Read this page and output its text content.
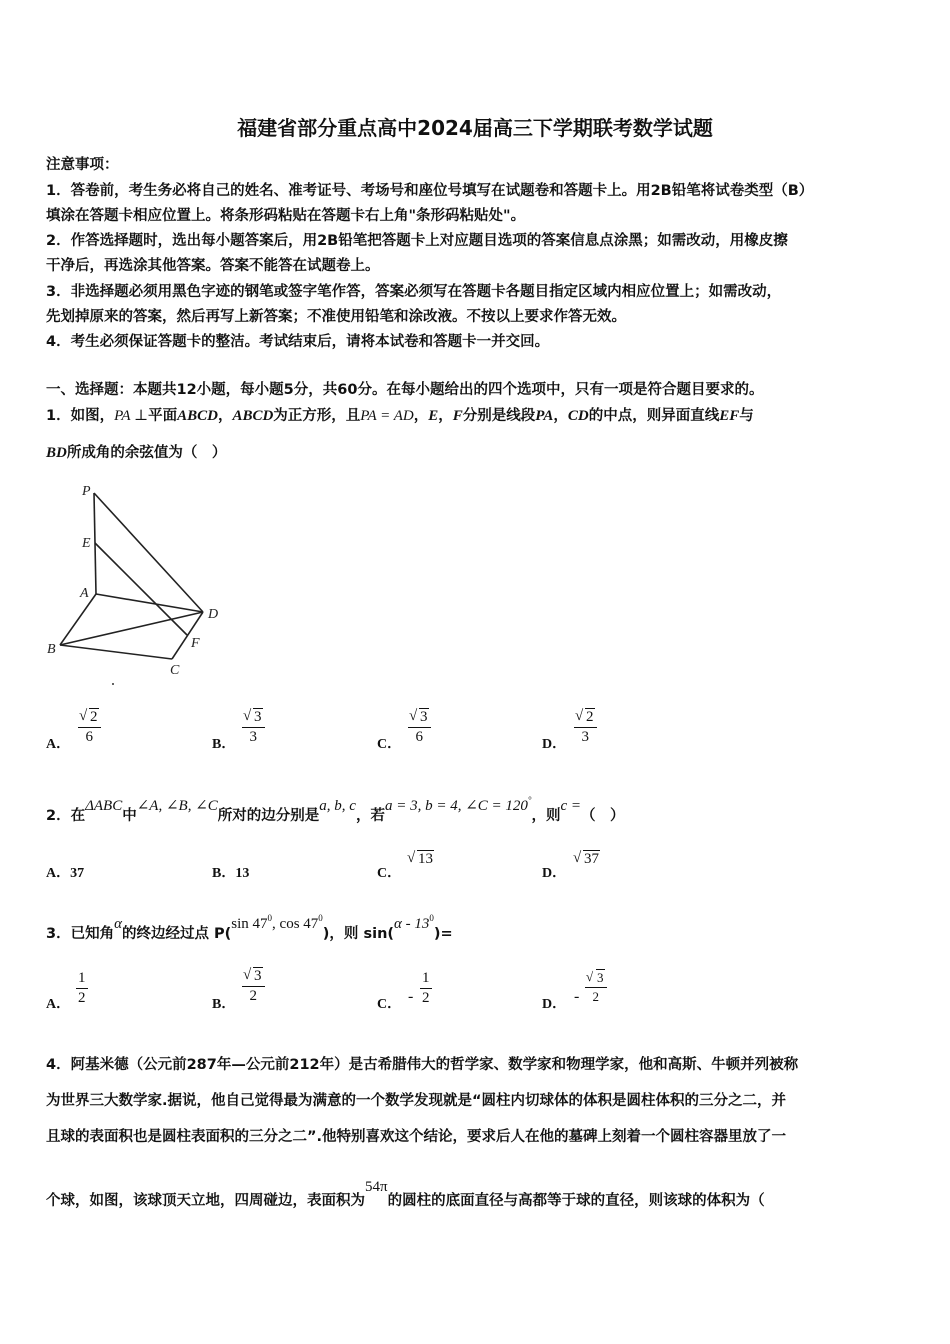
福建省部分重点高中2024届高三下学期联考数学试题
注意事项：
1．答卷前，考生务必将自己的姓名、准考证号、考场号和座位号填写在试题卷和答题卡上。用2B铅笔将试卷类型（B）
填涂在答题卡相应位置上。将条形码粘贴在答题卡右上角"条形码粘贴处"。
2．作答选择题时，选出每小题答案后，用2B铅笔把答题卡上对应题目选项的答案信息点涂黑；如需改动，用橡皮擦
干净后，再选涂其他答案。答案不能答在试题卷上。
3．非选择题必须用黑色字迹的钢笔或签字笔作答，答案必须写在答题卡各题目指定区域内相应位置上；如需改动，
先划掉原来的答案，然后再写上新答案；不准使用铅笔和涂改液。不按以上要求作答无效。
4．考生必须保证答题卡的整洁。考试结束后，请将本试卷和答题卡一并交回。
一、选择题：本题共12小题，每小题5分，共60分。在每小题给出的四个选项中，只有一项是符合题目要求的。
1．如图，PA ⊥平面ABCD，ABCD为正方形，且PA = AD，E，F分别是线段PA，CD的中点，则异面直线EF与
BD所成角的余弦值为（　）
P
E
A
D
B	F
C
A．
√ 2
6	B．
√ 3
3	C．
√ 3
6	D．
√ 2
3
2．在ΔABC中∠A, ∠B, ∠C所对的边分别是a, b, c，若a = 3, b = 4, ∠C = 120°，则c =（　）
A．37	B．13	C．
√ 13
D．
√ 37
3．已知角α的终边经过点 P(sin $47^0$, $\cos 47^0$)，则 $\sin(\alpha - 13^0)=$
A．
1
2	B．
√ 3
2
C． -
1
2	D． -
√ 3
2
4．阿基米德（公元前287年—公元前212年）是古希腊伟大的哲学家、数学家和物理学家，他和高斯、牛顿并列被称
为世界三大数学家.据说，他自己觉得最为满意的一个数学发现就是“圆柱内切球体的体积是圆柱体积的三分之二，并
且球的表面积也是圆柱表面积的三分之二”.他特别喜欢这个结论，要求后人在他的墓碑上刻着一个圆柱容器里放了一
个球，如图，该球顶天立地，四周碰边，表面积为54π的圆柱的底面直径与高都等于球的直径，则该球的体积为（
